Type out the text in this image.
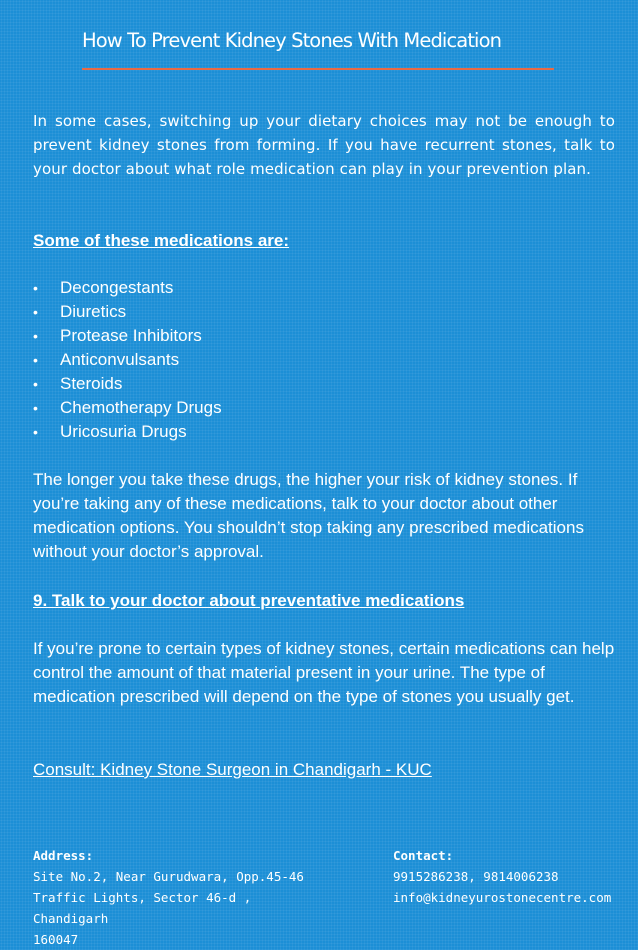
How To Prevent Kidney Stones With Medication

In some cases, switching up your dietary choices may not be enough to prevent kidney stones from forming. If you have recurrent stones, talk to your doctor about what role medication can play in your prevention plan.

Some of these medications are:

•	Decongestants
•	Diuretics
•	Protease Inhibitors
•	Anticonvulsants
•	Steroids
•	Chemotherapy Drugs
•	Uricosuria Drugs

The longer you take these drugs, the higher your risk of kidney stones. If you’re taking any of these medications, talk to your doctor about other medication options. You shouldn’t stop taking any prescribed medications without your doctor’s approval.

9. Talk to your doctor about preventative medications

If you’re prone to certain types of kidney stones, certain medications can help control the amount of that material present in your urine. The type of medication prescribed will depend on the type of stones you usually get.

Consult: Kidney Stone Surgeon in Chandigarh - KUC
Address:
Site No.2, Near Gurudwara, Opp.45-46
Traffic Lights, Sector 46-d , Chandigarh
160047
Contact:
9915286238, 9814006238
info@kidneyurostonecentre.com
